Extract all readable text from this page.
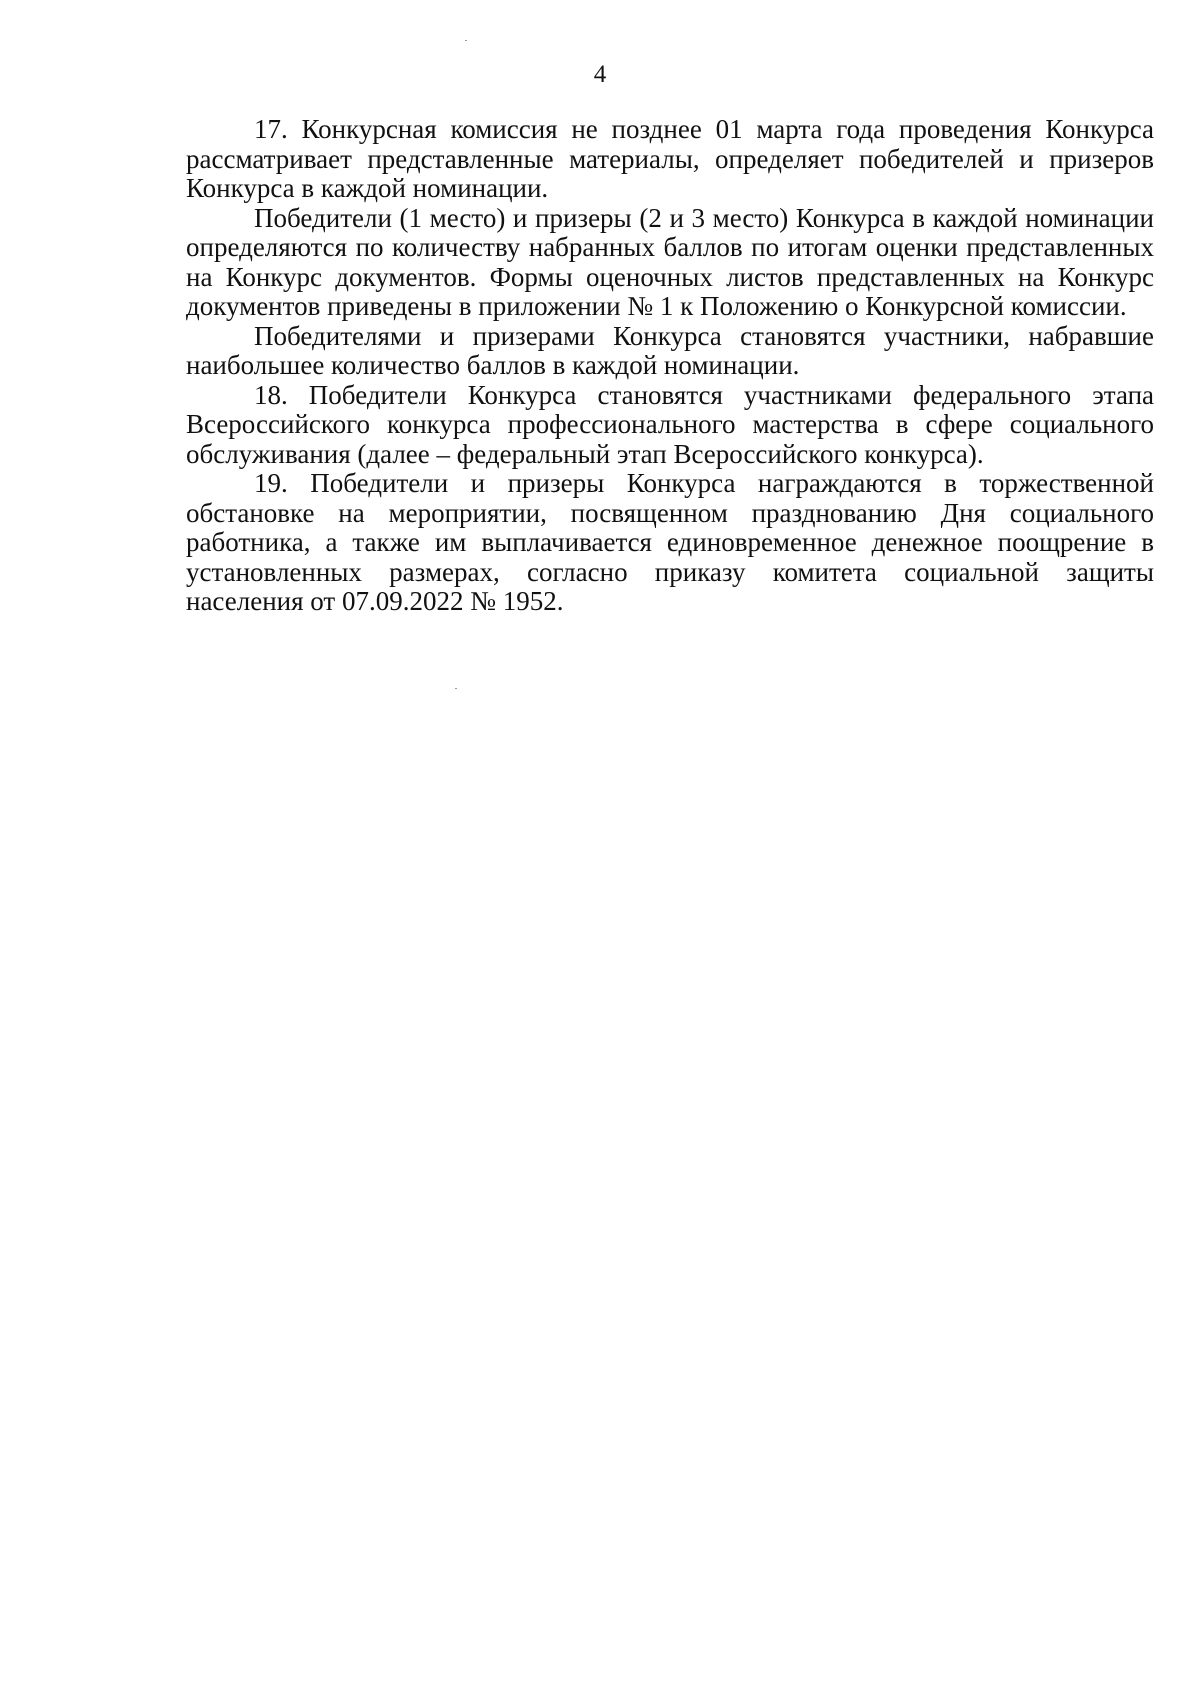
4

17. Конкурсная комиссия не позднее 01 марта года проведения Конкурса рассматривает представленные материалы, определяет победителей и призеров Конкурса в каждой номинации.

Победители (1 место) и призеры (2 и 3 место) Конкурса в каждой номинации определяются по количеству набранных баллов по итогам оценки представленных на Конкурс документов. Формы оценочных листов представленных на Конкурс документов приведены в приложении № 1 к Положению о Конкурсной комиссии.

Победителями и призерами Конкурса становятся участники, набравшие наибольшее количество баллов в каждой номинации.

18. Победители Конкурса становятся участниками федерального этапа Всероссийского конкурса профессионального мастерства в сфере социального обслуживания (далее – федеральный этап Всероссийского конкурса).

19. Победители и призеры Конкурса награждаются в торжественной обстановке на мероприятии, посвященном празднованию Дня социального работника, а также им выплачивается единовременное денежное поощрение в установленных размерах, согласно приказу комитета социальной защиты населения от 07.09.2022 № 1952.
